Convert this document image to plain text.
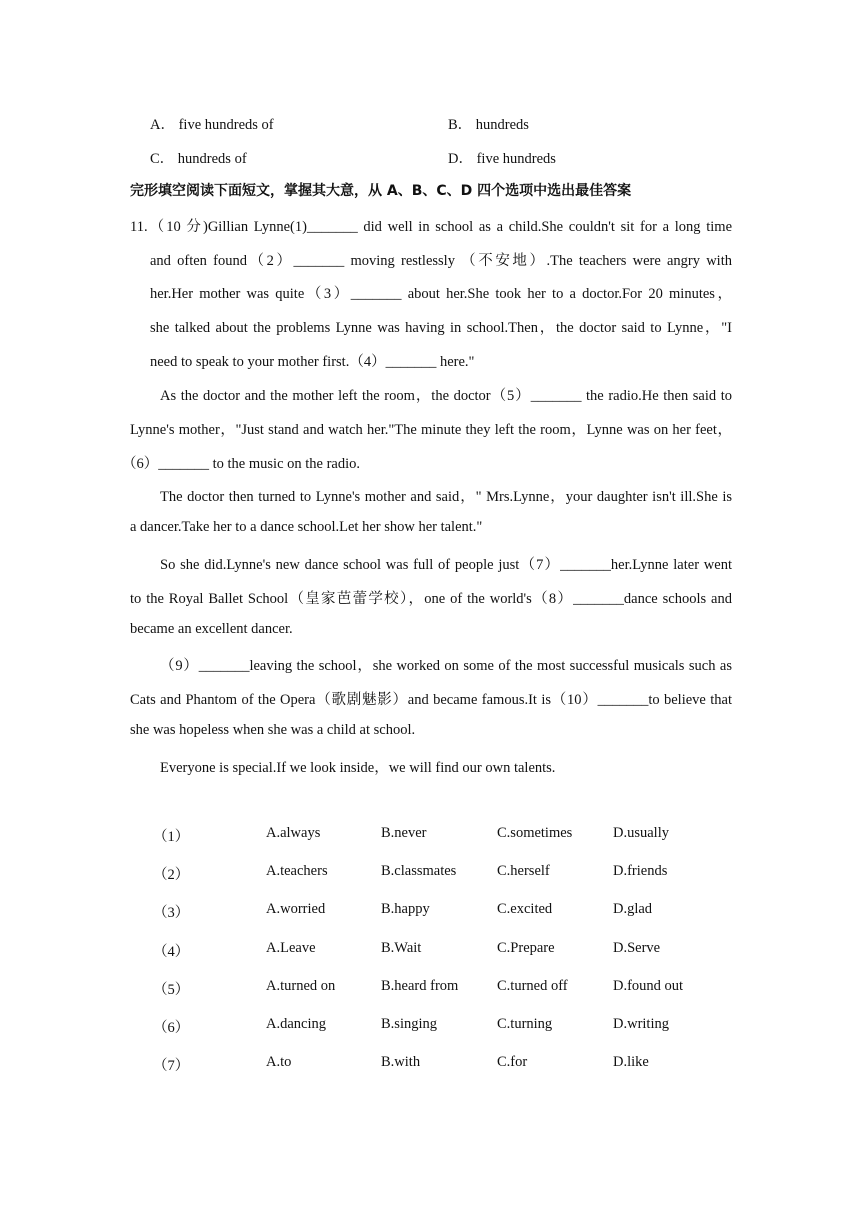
A． five hundreds of	B． hundreds
C． hundreds of	D． five hundreds
完形填空阅读下面短文，掌握其大意，从 A、B、C、D 四个选项中选出最佳答案
11.（10 分)Gillian Lynne(1)_______ did well in school as a child.She couldn't sit for a long time
and often found（2）_______ moving restlessly （不安地）.The teachers were angry with
her.Her mother was quite（3）_______ about her.She took her to a doctor.For 20 minutes，
she talked about the problems Lynne was having in school.Then，the doctor said to Lynne，"I
need to speak to your mother first.（4）_______ here."
As the doctor and the mother left the room，the doctor（5）_______ the radio.He then said to
Lynne's mother，"Just stand and watch her."The minute they left the room，Lynne was on her feet，
（6）_______ to the music on the radio.
The doctor then turned to Lynne's mother and said，" Mrs.Lynne，your daughter isn't ill.She is
a dancer.Take her to a dance school.Let her show her talent."
So she did.Lynne's new dance school was full of people just（7）_______her.Lynne later went
to the Royal Ballet School（皇家芭蕾学校），one of the world's（8）_______dance schools and
became an excellent dancer.
（9）_______leaving the school，she worked on some of the most successful musicals such as
Cats and Phantom of the Opera（歌剧魅影）and became famous.It is（10）_______to believe that
she was hopeless when she was a child at school.
Everyone is special.If we look inside，we will find our own talents.
（1）	A.always	B.never	C.sometimes	D.usually
（2）	A.teachers	B.classmates	C.herself	D.friends
（3）	A.worried	B.happy	C.excited	D.glad
（4）	A.Leave	B.Wait	C.Prepare	D.Serve
（5）	A.turned on	B.heard from	C.turned off	D.found out
（6）	A.dancing	B.singing	C.turning	D.writing
（7）	A.to	B.with	C.for	D.like
